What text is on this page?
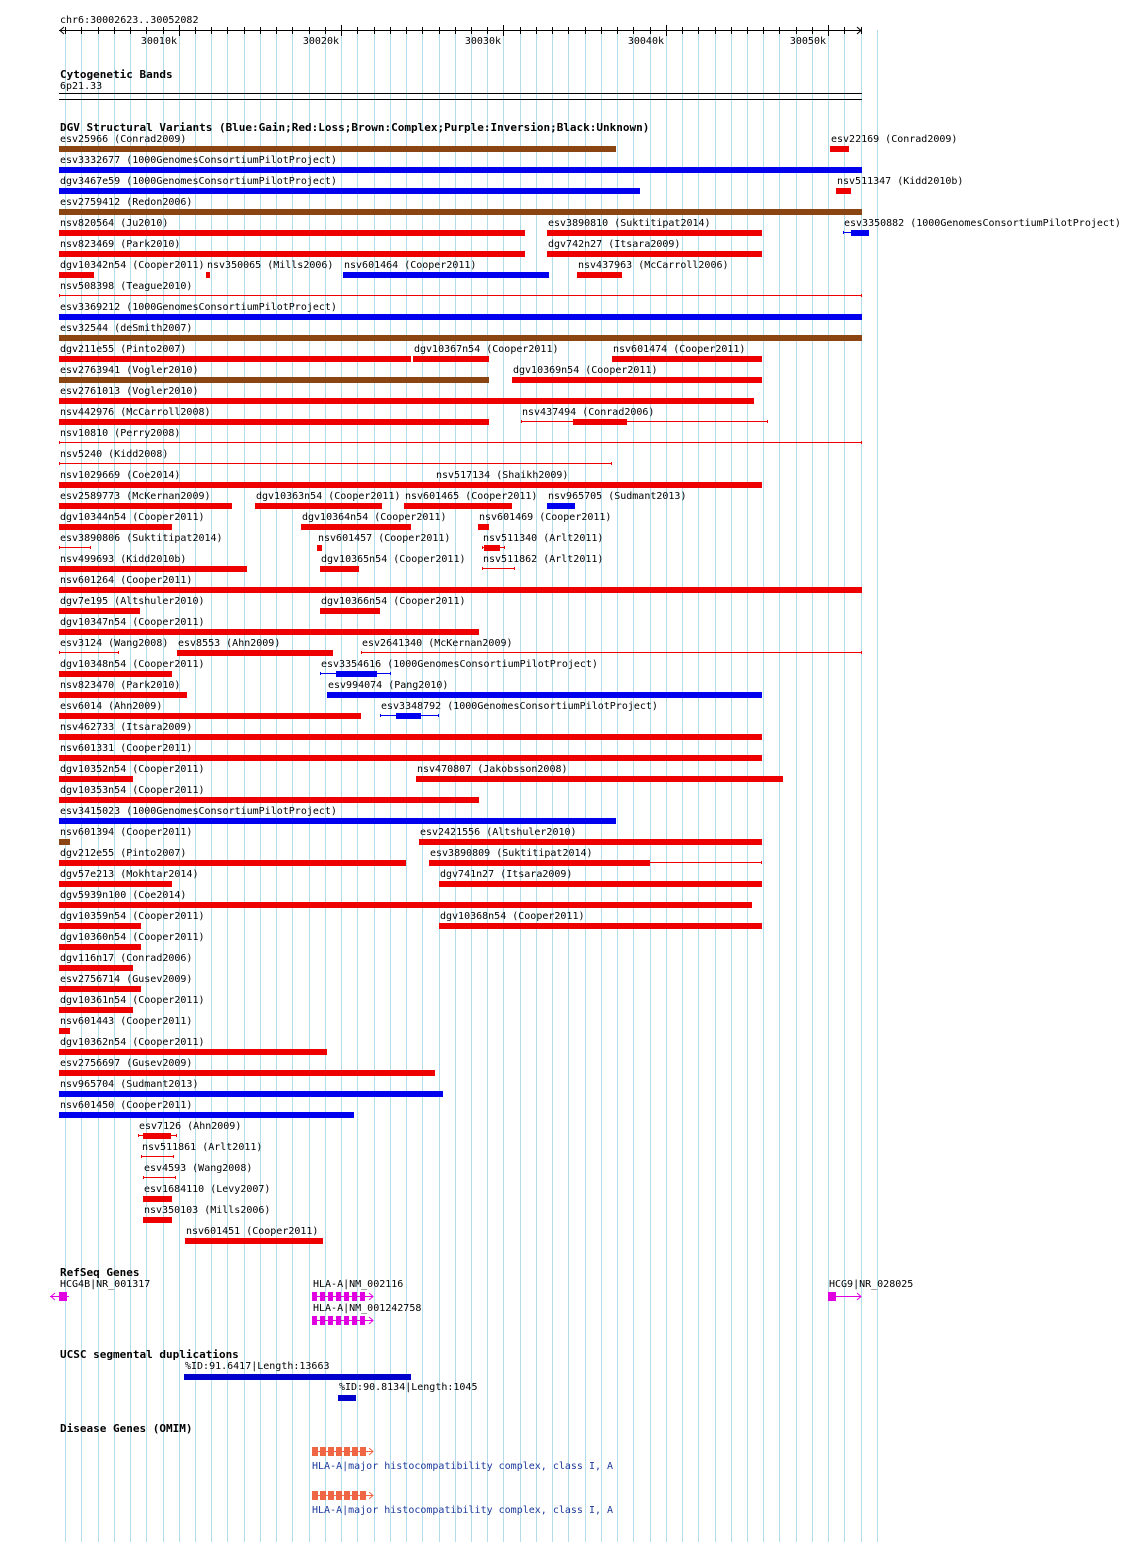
chr6:30002623..30052082
30010k	30020k	30030k	30040k	30050k
Cytogenetic Bands
6p21.33
DGV Structural Variants (Blue:Gain;Red:Loss;Brown:Complex;Purple:Inversion;Black:Unknown)
esv25966 (Conrad2009)	esv22169 (Conrad2009)
esv3332677 (1000GenomesConsortiumPilotProject)
dgv3467e59 (1000GenomesConsortiumPilotProject)	nsv511347 (Kidd2010b)
esv2759412 (Redon2006)
nsv820564 (Ju2010)	esv3890810 (Suktitipat2014)	esv3350882 (1000GenomesConsortiumPilotProject)
nsv823469 (Park2010)	dgv742n27 (Itsara2009)
dgv10342n54 (Cooper2011) nsv350065 (Mills2006) nsv601464 (Cooper2011)	nsv437963 (McCarroll2006)
nsv508398 (Teague2010)
esv3369212 (1000GenomesConsortiumPilotProject)
esv32544 (deSmith2007)
dgv211e55 (Pinto2007)	dgv10367n54 (Cooper2011)	nsv601474 (Cooper2011)
esv2763941 (Vogler2010)	dgv10369n54 (Cooper2011)
esv2761013 (Vogler2010)
nsv442976 (McCarroll2008)	nsv437494 (Conrad2006)
nsv10810 (Perry2008)
nsv5240 (Kidd2008)
nsv1029669 (Coe2014)	nsv517134 (Shaikh2009)
esv2589773 (McKernan2009)	dgv10363n54 (Cooper2011) nsv601465 (Cooper2011) nsv965705 (Sudmant2013)
dgv10344n54 (Cooper2011)	dgv10364n54 (Cooper2011)	nsv601469 (Cooper2011)
esv3890806 (Suktitipat2014)	nsv601457 (Cooper2011)	nsv511340 (Arlt2011)
nsv499693 (Kidd2010b)	dgv10365n54 (Cooper2011) nsv511862 (Arlt2011)
nsv601264 (Cooper2011)
dgv7e195 (Altshuler2010)	dgv10366n54 (Cooper2011)
dgv10347n54 (Cooper2011)
esv3124 (Wang2008) esv8553 (Ahn2009)	esv2641340 (McKernan2009)
dgv10348n54 (Cooper2011)	esv3354616 (1000GenomesConsortiumPilotProject)
nsv823470 (Park2010)	esv994074 (Pang2010)
esv6014 (Ahn2009)	esv3348792 (1000GenomesConsortiumPilotProject)
nsv462733 (Itsara2009)
nsv601331 (Cooper2011)
dgv10352n54 (Cooper2011)	nsv470807 (Jakobsson2008)
dgv10353n54 (Cooper2011)
esv3415023 (1000GenomesConsortiumPilotProject)
nsv601394 (Cooper2011)	esv2421556 (Altshuler2010)
dgv212e55 (Pinto2007)	esv3890809 (Suktitipat2014)
dgv57e213 (Mokhtar2014)	dgv741n27 (Itsara2009)
dgv5939n100 (Coe2014)
dgv10359n54 (Cooper2011)	dgv10368n54 (Cooper2011)
dgv10360n54 (Cooper2011)
dgv116n17 (Conrad2006)
esv2756714 (Gusev2009)
dgv10361n54 (Cooper2011)
nsv601443 (Cooper2011)
dgv10362n54 (Cooper2011)
esv2756697 (Gusev2009)
nsv965704 (Sudmant2013)
nsv601450 (Cooper2011)
esv7126 (Ahn2009)
nsv511861 (Arlt2011)
esv4593 (Wang2008)
esv1684110 (Levy2007)
nsv350103 (Mills2006)
nsv601451 (Cooper2011)
RefSeq Genes
HCG4B|NR_001317	HLA-A|NM_002116	HCG9|NR_028025
HLA-A|NM_001242758
UCSC segmental duplications
%ID:91.6417|Length:13663
%ID:90.8134|Length:1045
Disease Genes (OMIM)
HLA-A|major histocompatibility complex, class I, A
HLA-A|major histocompatibility complex, class I, A
